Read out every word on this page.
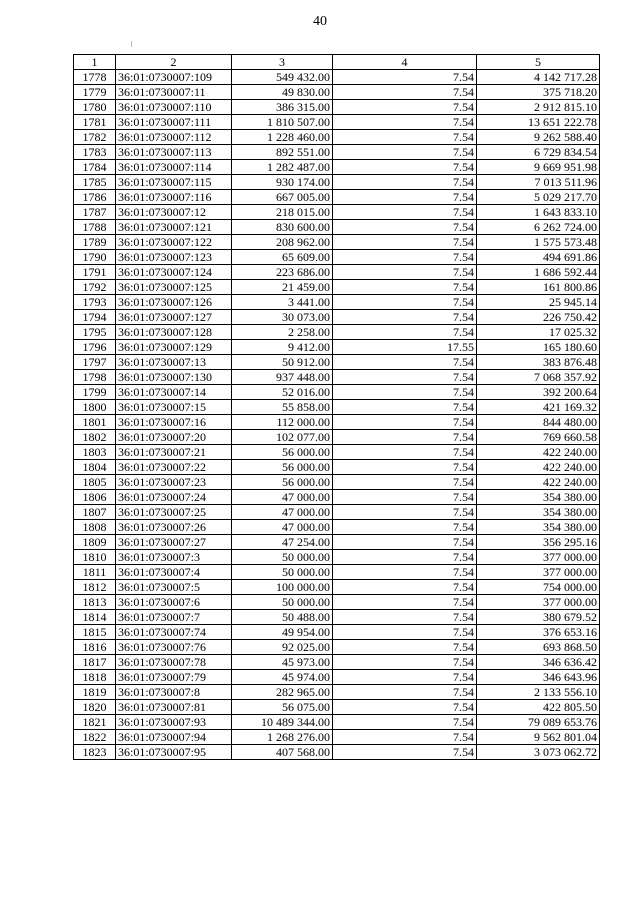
40
1	2	3	4	5
1778	36:01:0730007:109	549 432.00	7.54	4 142 717.28
1779	36:01:0730007:11	49 830.00	7.54	375 718.20
1780	36:01:0730007:110	386 315.00	7.54	2 912 815.10
1781	36:01:0730007:111	1 810 507.00	7.54	13 651 222.78
1782	36:01:0730007:112	1 228 460.00	7.54	9 262 588.40
1783	36:01:0730007:113	892 551.00	7.54	6 729 834.54
1784	36:01:0730007:114	1 282 487.00	7.54	9 669 951.98
1785	36:01:0730007:115	930 174.00	7.54	7 013 511.96
1786	36:01:0730007:116	667 005.00	7.54	5 029 217.70
1787	36:01:0730007:12	218 015.00	7.54	1 643 833.10
1788	36:01:0730007:121	830 600.00	7.54	6 262 724.00
1789	36:01:0730007:122	208 962.00	7.54	1 575 573.48
1790	36:01:0730007:123	65 609.00	7.54	494 691.86
1791	36:01:0730007:124	223 686.00	7.54	1 686 592.44
1792	36:01:0730007:125	21 459.00	7.54	161 800.86
1793	36:01:0730007:126	3 441.00	7.54	25 945.14
1794	36:01:0730007:127	30 073.00	7.54	226 750.42
1795	36:01:0730007:128	2 258.00	7.54	17 025.32
1796	36:01:0730007:129	9 412.00	17.55	165 180.60
1797	36:01:0730007:13	50 912.00	7.54	383 876.48
1798	36:01:0730007:130	937 448.00	7.54	7 068 357.92
1799	36:01:0730007:14	52 016.00	7.54	392 200.64
1800	36:01:0730007:15	55 858.00	7.54	421 169.32
1801	36:01:0730007:16	112 000.00	7.54	844 480.00
1802	36:01:0730007:20	102 077.00	7.54	769 660.58
1803	36:01:0730007:21	56 000.00	7.54	422 240.00
1804	36:01:0730007:22	56 000.00	7.54	422 240.00
1805	36:01:0730007:23	56 000.00	7.54	422 240.00
1806	36:01:0730007:24	47 000.00	7.54	354 380.00
1807	36:01:0730007:25	47 000.00	7.54	354 380.00
1808	36:01:0730007:26	47 000.00	7.54	354 380.00
1809	36:01:0730007:27	47 254.00	7.54	356 295.16
1810	36:01:0730007:3	50 000.00	7.54	377 000.00
1811	36:01:0730007:4	50 000.00	7.54	377 000.00
1812	36:01:0730007:5	100 000.00	7.54	754 000.00
1813	36:01:0730007:6	50 000.00	7.54	377 000.00
1814	36:01:0730007:7	50 488.00	7.54	380 679.52
1815	36:01:0730007:74	49 954.00	7.54	376 653.16
1816	36:01:0730007:76	92 025.00	7.54	693 868.50
1817	36:01:0730007:78	45 973.00	7.54	346 636.42
1818	36:01:0730007:79	45 974.00	7.54	346 643.96
1819	36:01:0730007:8	282 965.00	7.54	2 133 556.10
1820	36:01:0730007:81	56 075.00	7.54	422 805.50
1821	36:01:0730007:93	10 489 344.00	7.54	79 089 653.76
1822	36:01:0730007:94	1 268 276.00	7.54	9 562 801.04
1823	36:01:0730007:95	407 568.00	7.54	3 073 062.72
